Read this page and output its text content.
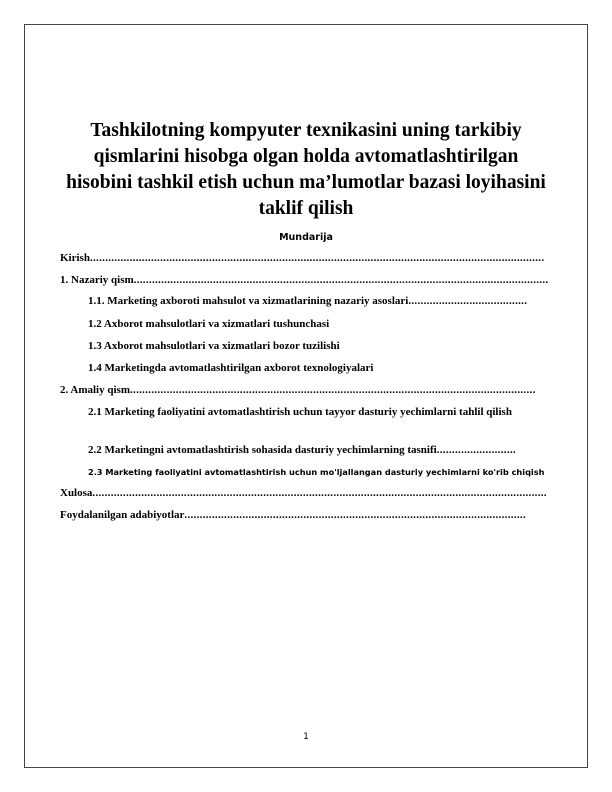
Tashkilotning kompyuter texnikasini uning tarkibiy qismlarini hisobga olgan holda avtomatlashtirilgan hisobini tashkil etish uchun ma’lumotlar bazasi loyihasini taklif qilish
Mundarija
Kirish.....................................................................................................................................................
1. Nazariy qism........................................................................................................................................
1.1. Marketing axboroti mahsulot va xizmatlarining nazariy asoslari.......................................
1.2 Axborot mahsulotlari va xizmatlari tushunchasi
1.3 Axborot mahsulotlari va xizmatlari bozor tuzilishi
1.4 Marketingda avtomatlashtirilgan axborot texnologiyalari
2. Amaliy qism.....................................................................................................................................
2.1 Marketing faoliyatini avtomatlashtirish uchun tayyor dasturiy yechimlarni tahlil qilish
2.2 Marketingni avtomatlashtirish sohasida dasturiy yechimlarning tasnifi..........................
2.3 Marketing faoliyatini avtomatlashtirish uchun mo'ljallangan dasturiy yechimlarni ko'rib chiqish
Xulosa.....................................................................................................................................................
Foydalanilgan adabiyotlar................................................................................................................
1
